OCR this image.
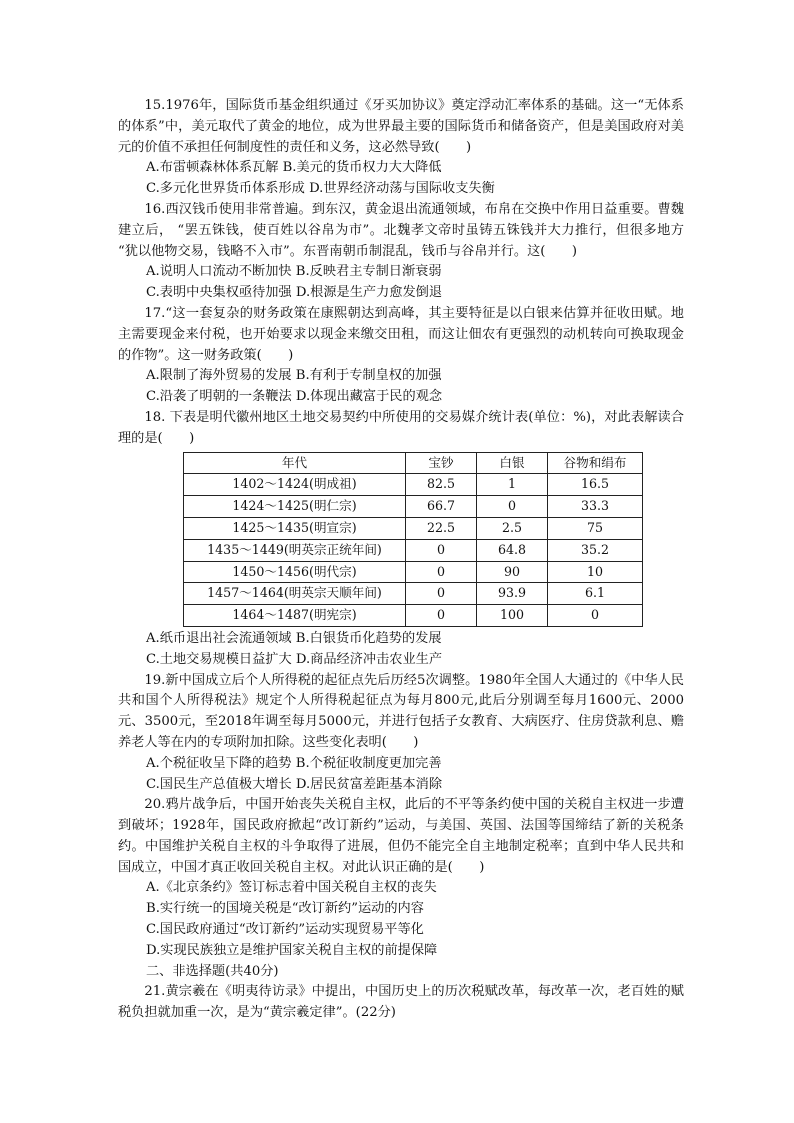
15.1976年，国际货币基金组织通过《牙买加协议》奠定浮动汇率体系的基础。这一“无体系的体系”中，美元取代了黄金的地位，成为世界最主要的国际货币和储备资产，但是美国政府对美元的价值不承担任何制度性的责任和义务，这必然导致(　　)

A.布雷顿森林体系瓦解 B.美元的货币权力大大降低

C.多元化世界货币体系形成 D.世界经济动荡与国际收支失衡

16.西汉钱币使用非常普遍。到东汉，黄金退出流通领域，布帛在交换中作用日益重要。曹魏建立后， “罢五铢钱，使百姓以谷帛为市”。北魏孝文帝时虽铸五铢钱并大力推行，但很多地方 “犹以他物交易，钱略不入市”。东晋南朝币制混乱，钱币与谷帛并行。这(　　)

A.说明人口流动不断加快 B.反映君主专制日渐衰弱

C.表明中央集权亟待加强 D.根源是生产力愈发倒退

17.“这一套复杂的财务政策在康熙朝达到高峰，其主要特征是以白银来估算并征收田赋。地主需要现金来付税，也开始要求以现金来缴交田租，而这让佃农有更强烈的动机转向可换取现金的作物”。这一财务政策(　　)

A.限制了海外贸易的发展 B.有利于专制皇权的加强

C.沿袭了明朝的一条鞭法 D.体现出藏富于民的观念

18. 下表是明代徽州地区土地交易契约中所使用的交易媒介统计表(单位：%)，对此表解读合理的是(　　)

年代	宝钞	白银	谷物和绢布
1402～1424(明成祖)	82.5	1	16.5
1424～1425(明仁宗)	66.7	0	33.3
1425～1435(明宣宗)	22.5	2.5	75
1435～1449(明英宗正统年间)	0	64.8	35.2
1450～1456(明代宗)	0	90	10
1457～1464(明英宗天顺年间)	0	93.9	6.1
1464～1487(明宪宗)	0	100	0

A.纸币退出社会流通领域 B.白银货币化趋势的发展

C.土地交易规模日益扩大 D.商品经济冲击农业生产

19.新中国成立后个人所得税的起征点先后历经5次调整。1980年全国人大通过的《中华人民共和国个人所得税法》规定个人所得税起征点为每月800元,此后分别调至每月1600元、2000元、3500元，至2018年调至每月5000元，并进行包括子女教育、大病医疗、住房贷款利息、赡养老人等在内的专项附加扣除。这些变化表明(　　)

A.个税征收呈下降的趋势 B.个税征收制度更加完善

C.国民生产总值极大增长 D.居民贫富差距基本消除

20.鸦片战争后，中国开始丧失关税自主权，此后的不平等条约使中国的关税自主权进一步遭到破坏；1928年，国民政府掀起“改订新约”运动，与美国、英国、法国等国缔结了新的关税条约。中国维护关税自主权的斗争取得了进展，但仍不能完全自主地制定税率；直到中华人民共和国成立，中国才真正收回关税自主权。对此认识正确的是(　　)

A.《北京条约》签订标志着中国关税自主权的丧失

B.实行统一的国境关税是“改订新约”运动的内容

C.国民政府通过“改订新约”运动实现贸易平等化

D.实现民族独立是维护国家关税自主权的前提保障

二、非选择题(共40分)

21.黄宗羲在《明夷待访录》中提出，中国历史上的历次税赋改革，每改革一次，老百姓的赋税负担就加重一次，是为“黄宗羲定律”。(22分)
